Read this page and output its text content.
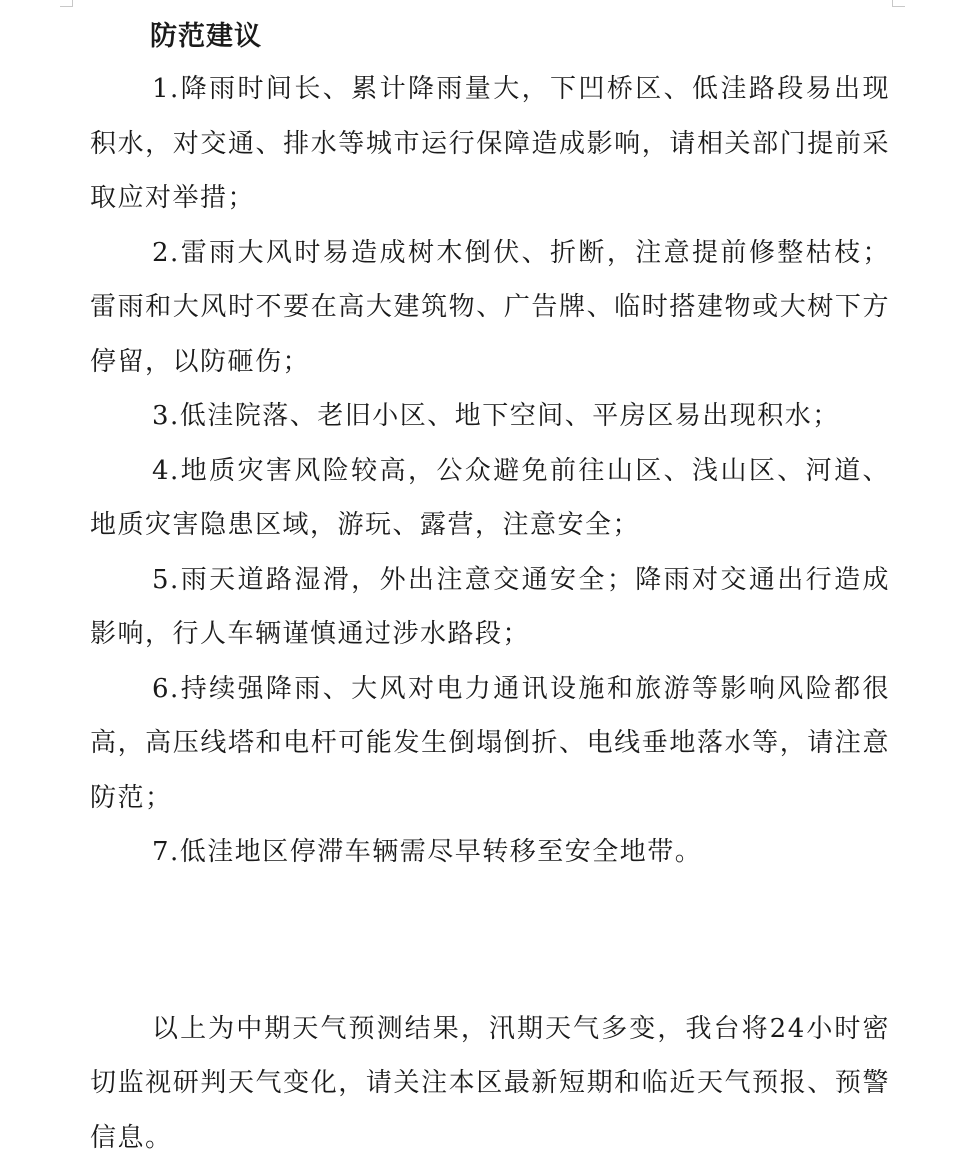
防范建议

1.降雨时间长、累计降雨量大，下凹桥区、低洼路段易出现积水，对交通、排水等城市运行保障造成影响，请相关部门提前采取应对举措；

2.雷雨大风时易造成树木倒伏、折断，注意提前修整枯枝；雷雨和大风时不要在高大建筑物、广告牌、临时搭建物或大树下方停留，以防砸伤；

3.低洼院落、老旧小区、地下空间、平房区易出现积水；

4.地质灾害风险较高，公众避免前往山区、浅山区、河道、地质灾害隐患区域，游玩、露营，注意安全；

5.雨天道路湿滑，外出注意交通安全；降雨对交通出行造成影响，行人车辆谨慎通过涉水路段；

6.持续强降雨、大风对电力通讯设施和旅游等影响风险都很高，高压线塔和电杆可能发生倒塌倒折、电线垂地落水等，请注意防范；

7.低洼地区停滞车辆需尽早转移至安全地带。

以上为中期天气预测结果，汛期天气多变，我台将24小时密切监视研判天气变化，请关注本区最新短期和临近天气预报、预警信息。
